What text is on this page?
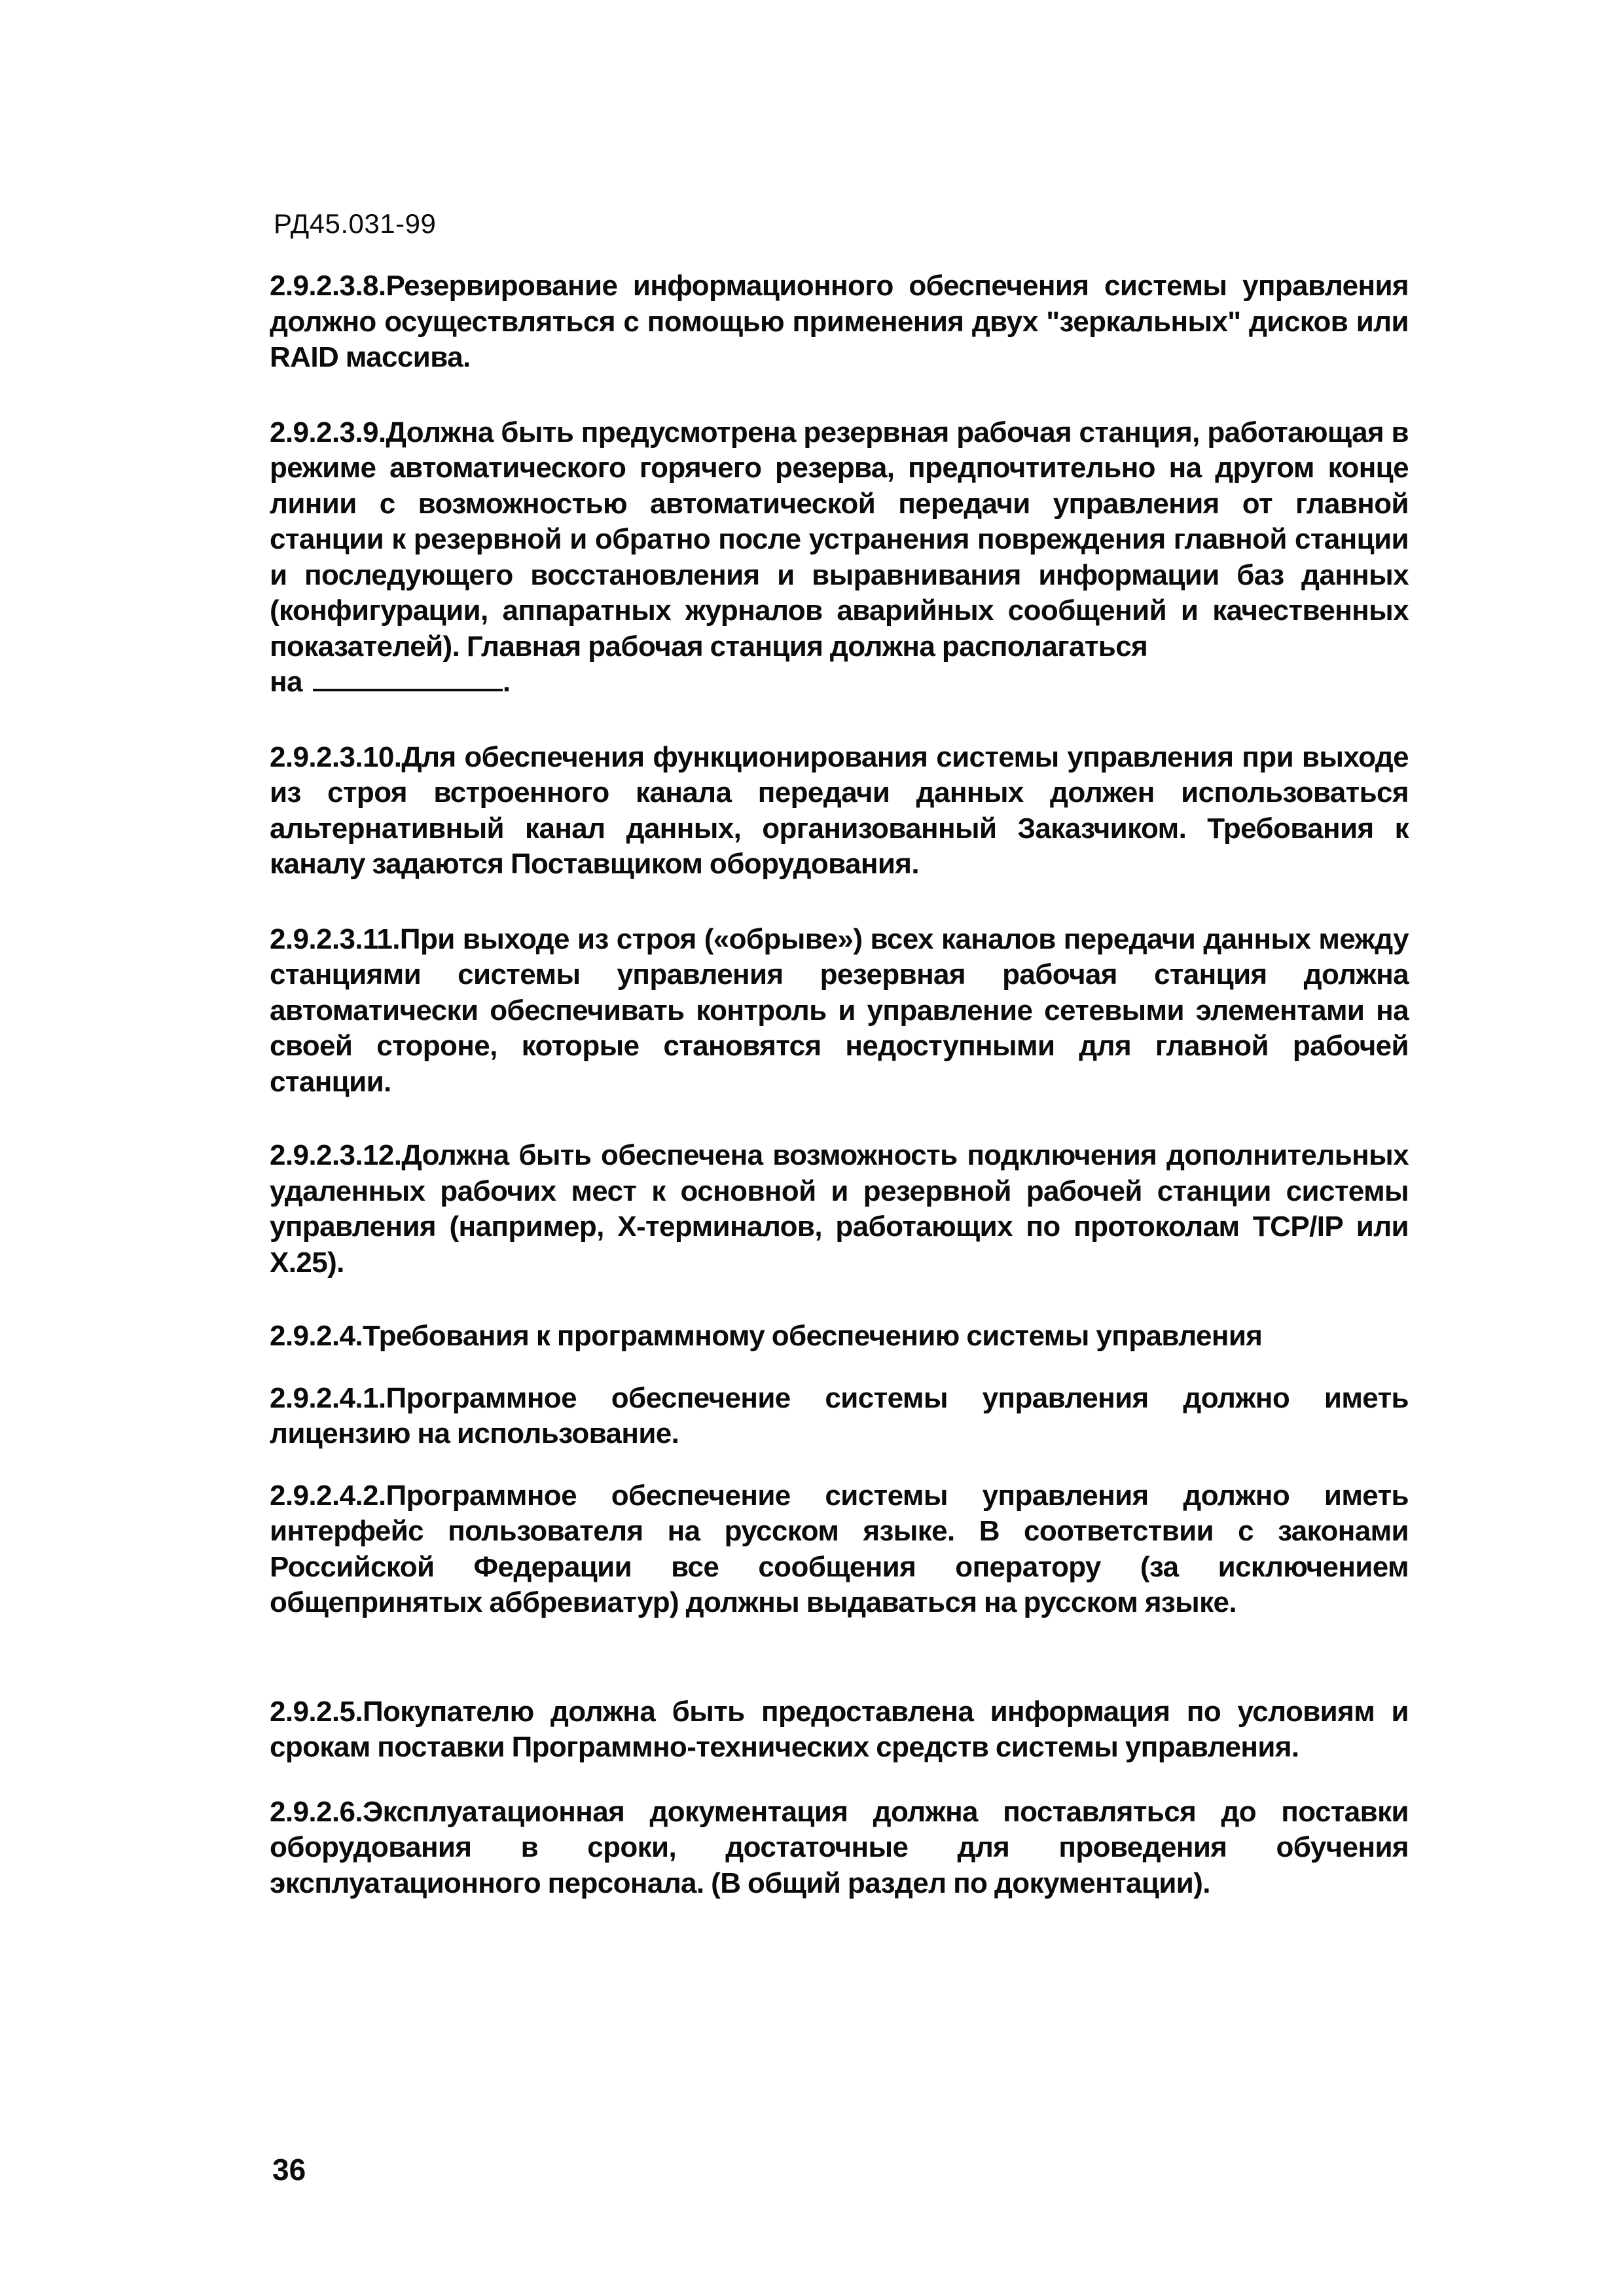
РД45.031-99

2.9.2.3.8.Резервирование информационного обеспечения системы управления должно осуществляться с помощью применения двух "зеркальных" дисков или RAID массива.

2.9.2.3.9.Должна быть предусмотрена резервная рабочая станция, работающая в режиме автоматического горячего резерва, предпочтительно на другом конце линии с возможностью автоматической передачи управления от главной станции к резервной и обратно после устранения повреждения главной станции и последующего восстановления и выравнивания информации баз данных (конфигурации, аппаратных журналов аварийных сообщений и качественных показателей). Главная рабочая станция должна располагаться
на	.

2.9.2.3.10.Для обеспечения функционирования системы управления при выходе из строя встроенного канала передачи данных должен использоваться альтернативный канал данных, организованный Заказчиком. Требования к каналу задаются Поставщиком оборудования.

2.9.2.3.11.При выходе из строя («обрыве») всех каналов передачи данных между станциями системы управления резервная рабочая станция должна автоматически обеспечивать контроль и управление сетевыми элементами на своей стороне, которые становятся недоступными для главной рабочей станции.

2.9.2.3.12.Должна быть обеспечена возможность подключения дополнительных удаленных рабочих мест к основной и резервной рабочей станции системы управления (например, X-терминалов, работающих по протоколам TCP/IP или X.25).

2.9.2.4.Требования к программному обеспечению системы управления

2.9.2.4.1.Программное обеспечение системы управления должно иметь лицензию на использование.

2.9.2.4.2.Программное обеспечение системы управления должно иметь интерфейс пользователя на русском языке. В соответствии с законами Российской Федерации все сообщения оператору (за исключением общепринятых аббревиатур) должны выдаваться на русском языке.

2.9.2.5.Покупателю должна быть предоставлена информация по условиям и срокам поставки Программно-технических средств системы управления.

2.9.2.6.Эксплуатационная документация должна поставляться до поставки оборудования в сроки, достаточные для проведения обучения эксплуатационного персонала. (В общий раздел по документации).

36
